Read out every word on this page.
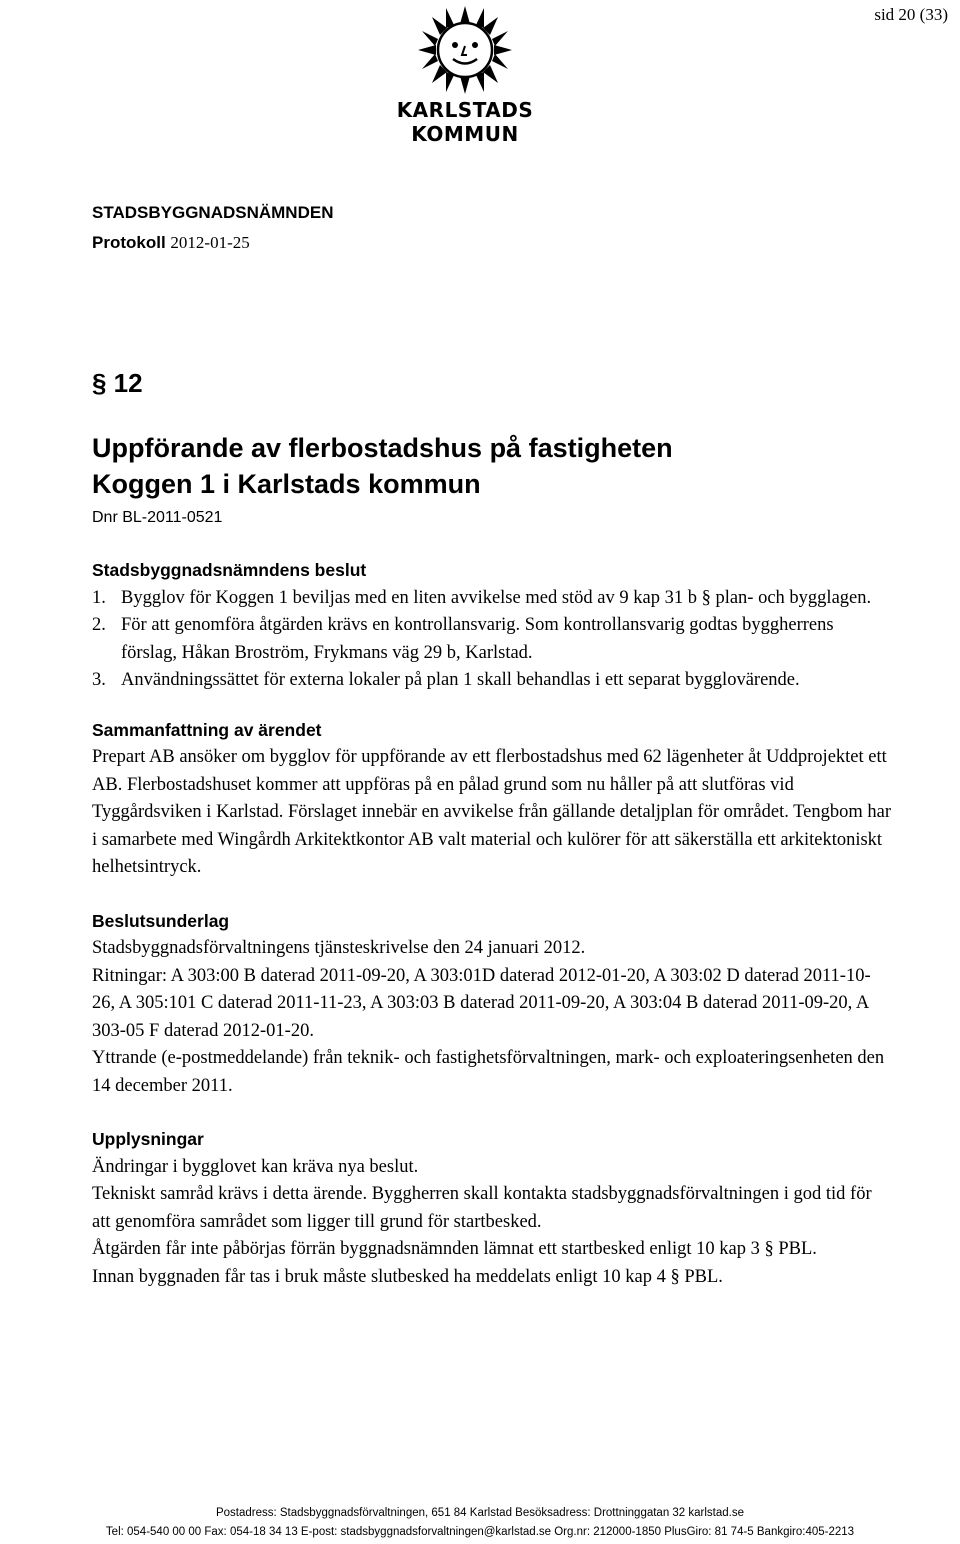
sid 20 (33)
KARLSTADS KOMMUN
STADSBYGGNADSNÄMNDEN
Protokoll 2012-01-25
§ 12
Uppförande av flerbostadshus på fastigheten
Koggen 1 i Karlstads kommun
Dnr BL-2011-0521
Stadsbyggnadsnämndens beslut
1. Bygglov för Koggen 1 beviljas med en liten avvikelse med stöd av 9 kap 31 b § plan- och bygglagen.
2. För att genomföra åtgärden krävs en kontrollansvarig. Som kontrollansvarig godtas byggherrens förslag, Håkan Broström, Frykmans väg 29 b, Karlstad.
3. Användningssättet för externa lokaler på plan 1 skall behandlas i ett separat bygglovärende.
Sammanfattning av ärendet

Prepart AB ansöker om bygglov för uppförande av ett flerbostadshus med 62 lägenheter åt Uddprojektet ett AB. Flerbostadshuset kommer att uppföras på en pålad grund som nu håller på att slutföras vid Tyggårdsviken i Karlstad. Förslaget innebär en avvikelse från gällande detaljplan för området. Tengbom har i samarbete med Wingårdh Arkitektkontor AB valt material och kulörer för att säkerställa ett arkitektoniskt helhetsintryck.

Beslutsunderlag

Stadsbyggnadsförvaltningens tjänsteskrivelse den 24 januari 2012.

Ritningar: A 303:00 B daterad 2011-09-20, A 303:01D daterad 2012-01-20, A 303:02 D daterad 2011-10-26, A 305:101 C daterad 2011-11-23, A 303:03 B daterad 2011-09-20, A 303:04 B daterad 2011-09-20, A 303-05 F daterad 2012-01-20.

Yttrande (e-postmeddelande) från teknik- och fastighetsförvaltningen, mark- och exploateringsenheten den 14 december 2011.

Upplysningar

Ändringar i bygglovet kan kräva nya beslut.

Tekniskt samråd krävs i detta ärende. Byggherren skall kontakta stadsbyggnadsförvaltningen i god tid för att genomföra samrådet som ligger till grund för startbesked.

Åtgärden får inte påbörjas förrän byggnadsnämnden lämnat ett startbesked enligt 10 kap 3 § PBL.

Innan byggnaden får tas i bruk måste slutbesked ha meddelats enligt 10 kap 4 § PBL.

Postadress: Stadsbyggnadsförvaltningen, 651 84 Karlstad Besöksadress: Drottninggatan 32 karlstad.se
Tel: 054-540 00 00 Fax: 054-18 34 13 E-post: stadsbyggnadsforvaltningen@karlstad.se Org.nr: 212000-1850 PlusGiro: 81 74-5 Bankgiro:405-2213
